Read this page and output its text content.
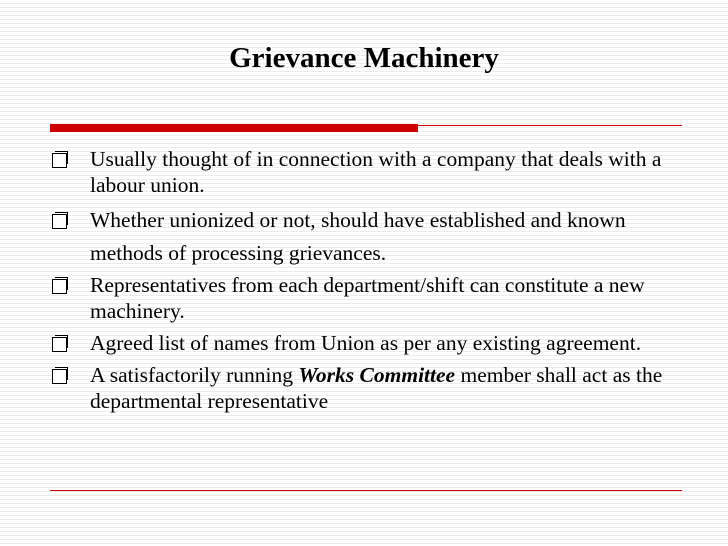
Grievance Machinery
Usually thought of in connection with a company that deals with a labour union.
Whether unionized or not, should have established and known methods of processing grievances.
Representatives from each department/shift can constitute a new machinery.
Agreed list of names from Union as per any existing agreement.
A satisfactorily running Works Committee member shall act as the departmental representative
